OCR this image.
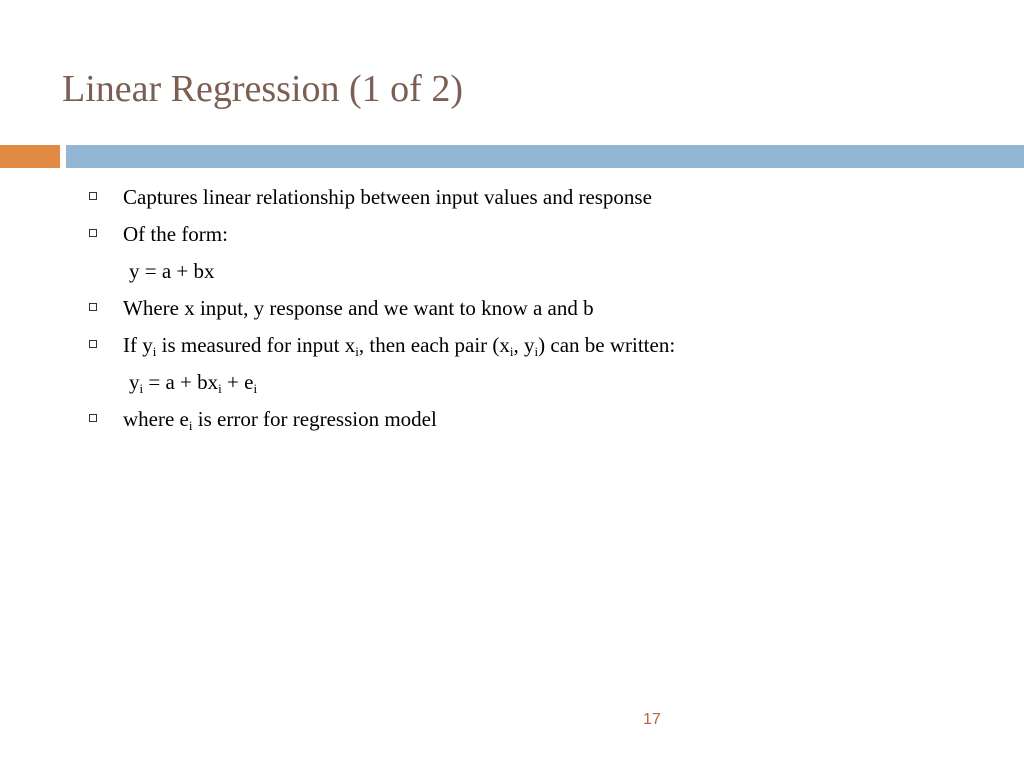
Linear Regression (1 of 2)
Captures linear relationship between input values and response
Of the form:
y = a + bx
Where x input, y response and we want to know a and b
If $y_i$ is measured for input $x_i$, then each pair ($x_i$, $y_i$) can be written:
$y_i = a + bx_i + e_i$
where $e_i$ is error for regression model
17
